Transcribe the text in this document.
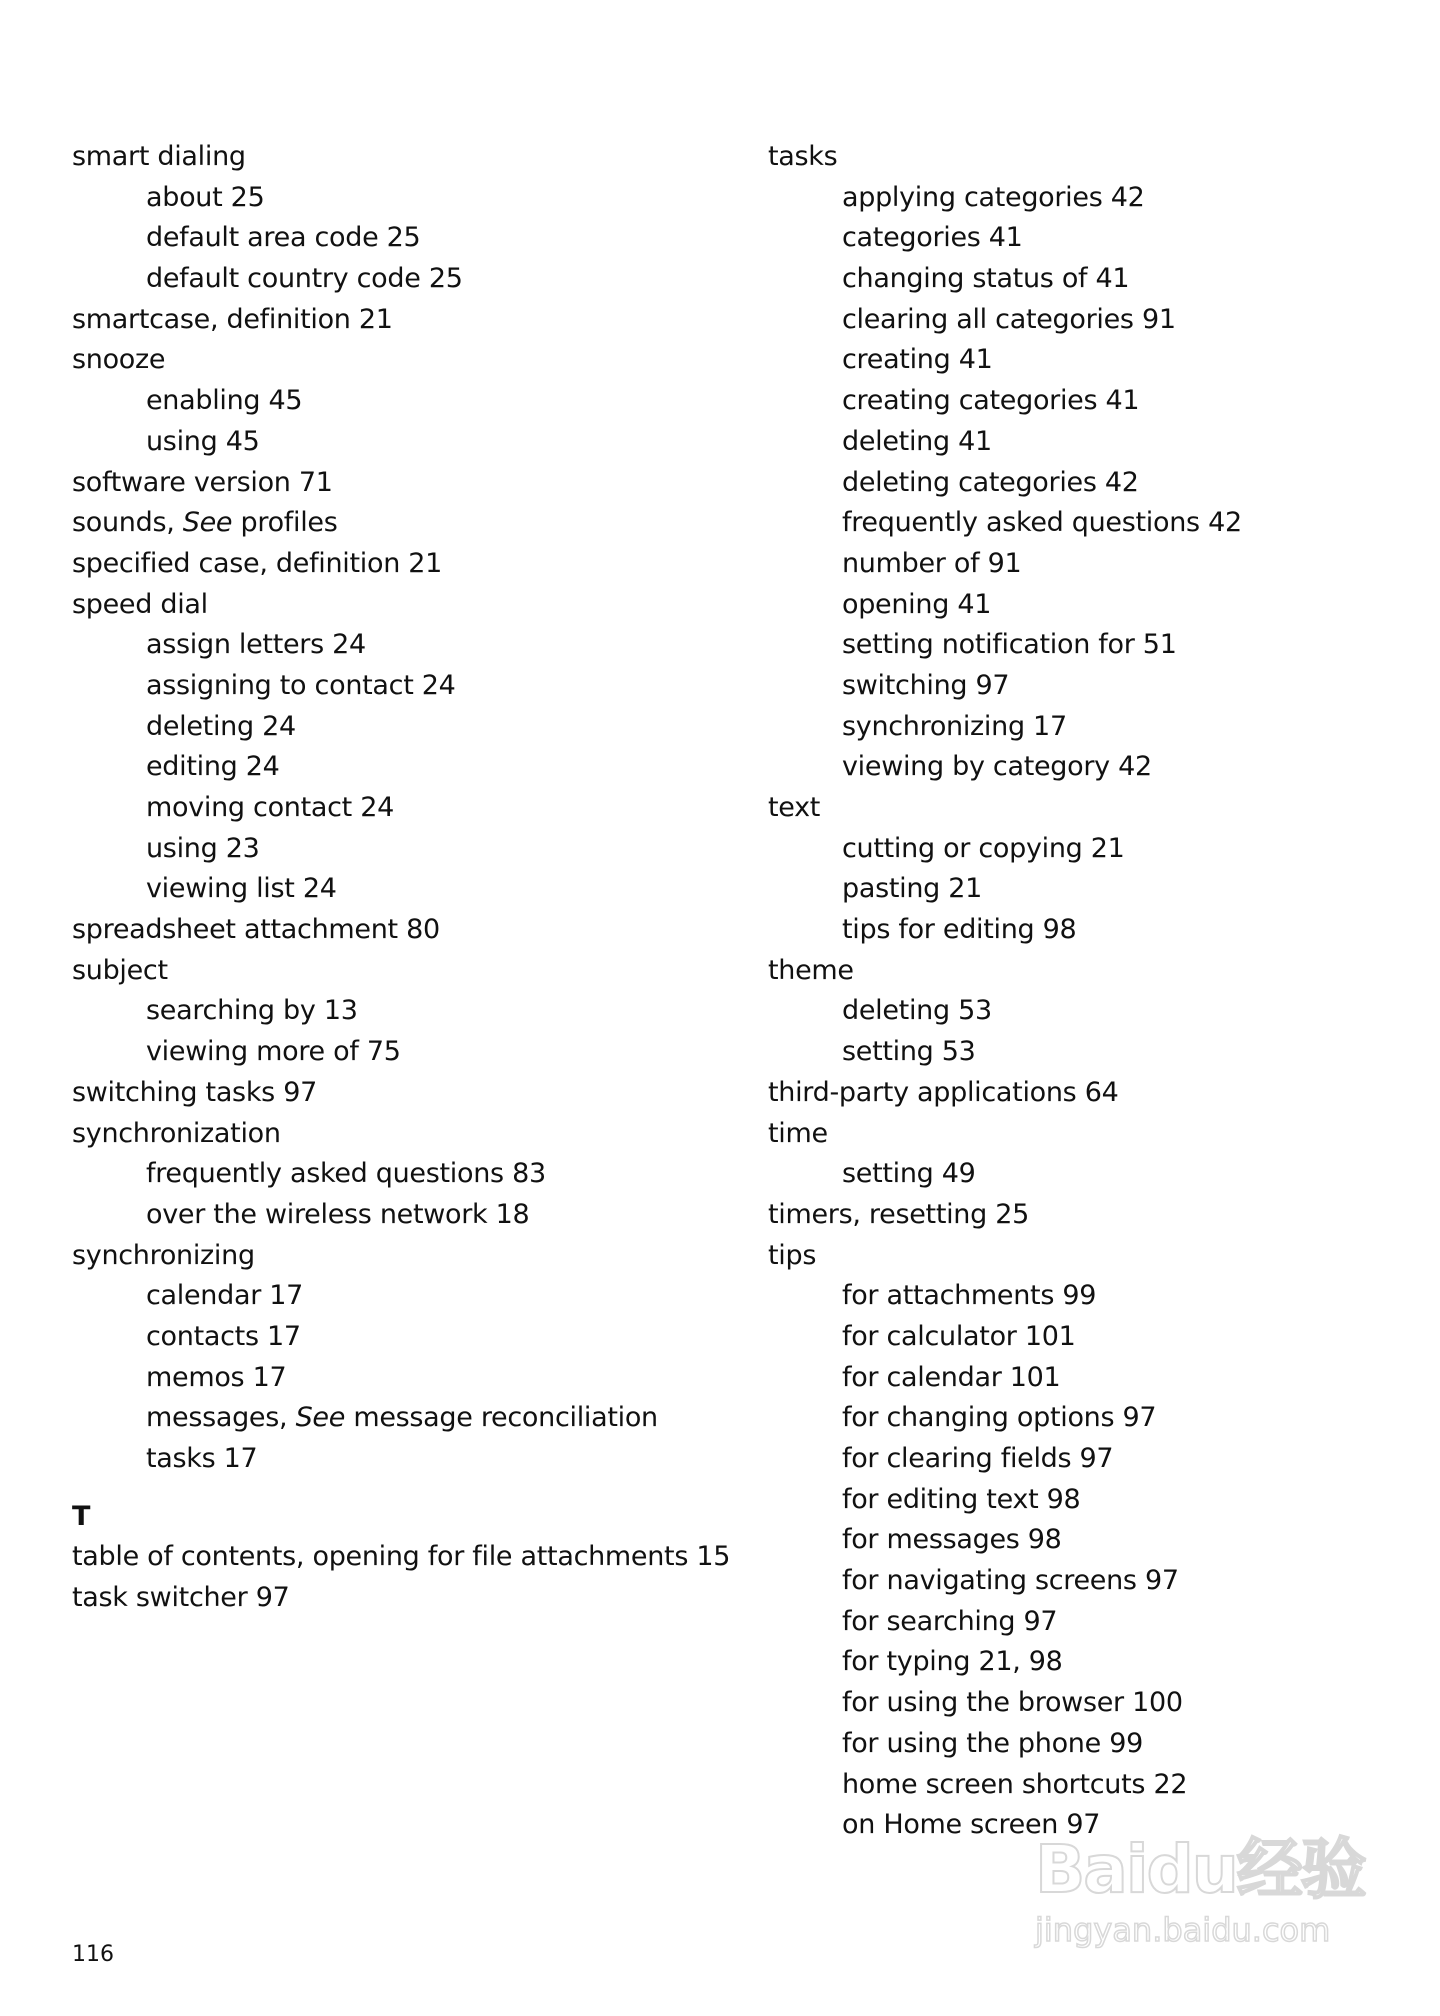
smart dialing
about 25
default area code 25
default country code 25
smartcase, definition 21
snooze
enabling 45
using 45
software version 71
sounds, See profiles
specified case, definition 21
speed dial
assign letters 24
assigning to contact 24
deleting 24
editing 24
moving contact 24
using 23
viewing list 24
spreadsheet attachment 80
subject
searching by 13
viewing more of 75
switching tasks 97
synchronization
frequently asked questions 83
over the wireless network 18
synchronizing
calendar 17
contacts 17
memos 17
messages, See message reconciliation
tasks 17
T
table of contents, opening for file attachments 15
task switcher 97
tasks
applying categories 42
categories 41
changing status of 41
clearing all categories 91
creating 41
creating categories 41
deleting 41
deleting categories 42
frequently asked questions 42
number of 91
opening 41
setting notification for 51
switching 97
synchronizing 17
viewing by category 42
text
cutting or copying 21
pasting 21
tips for editing 98
theme
deleting 53
setting 53
third-party applications 64
time
setting 49
timers, resetting 25
tips
for attachments 99
for calculator 101
for calendar 101
for changing options 97
for clearing fields 97
for editing text 98
for messages 98
for navigating screens 97
for searching 97
for typing 21, 98
for using the browser 100
for using the phone 99
home screen shortcuts 22
on Home screen 97
116
Baidu经验
jingyan.baidu.com
